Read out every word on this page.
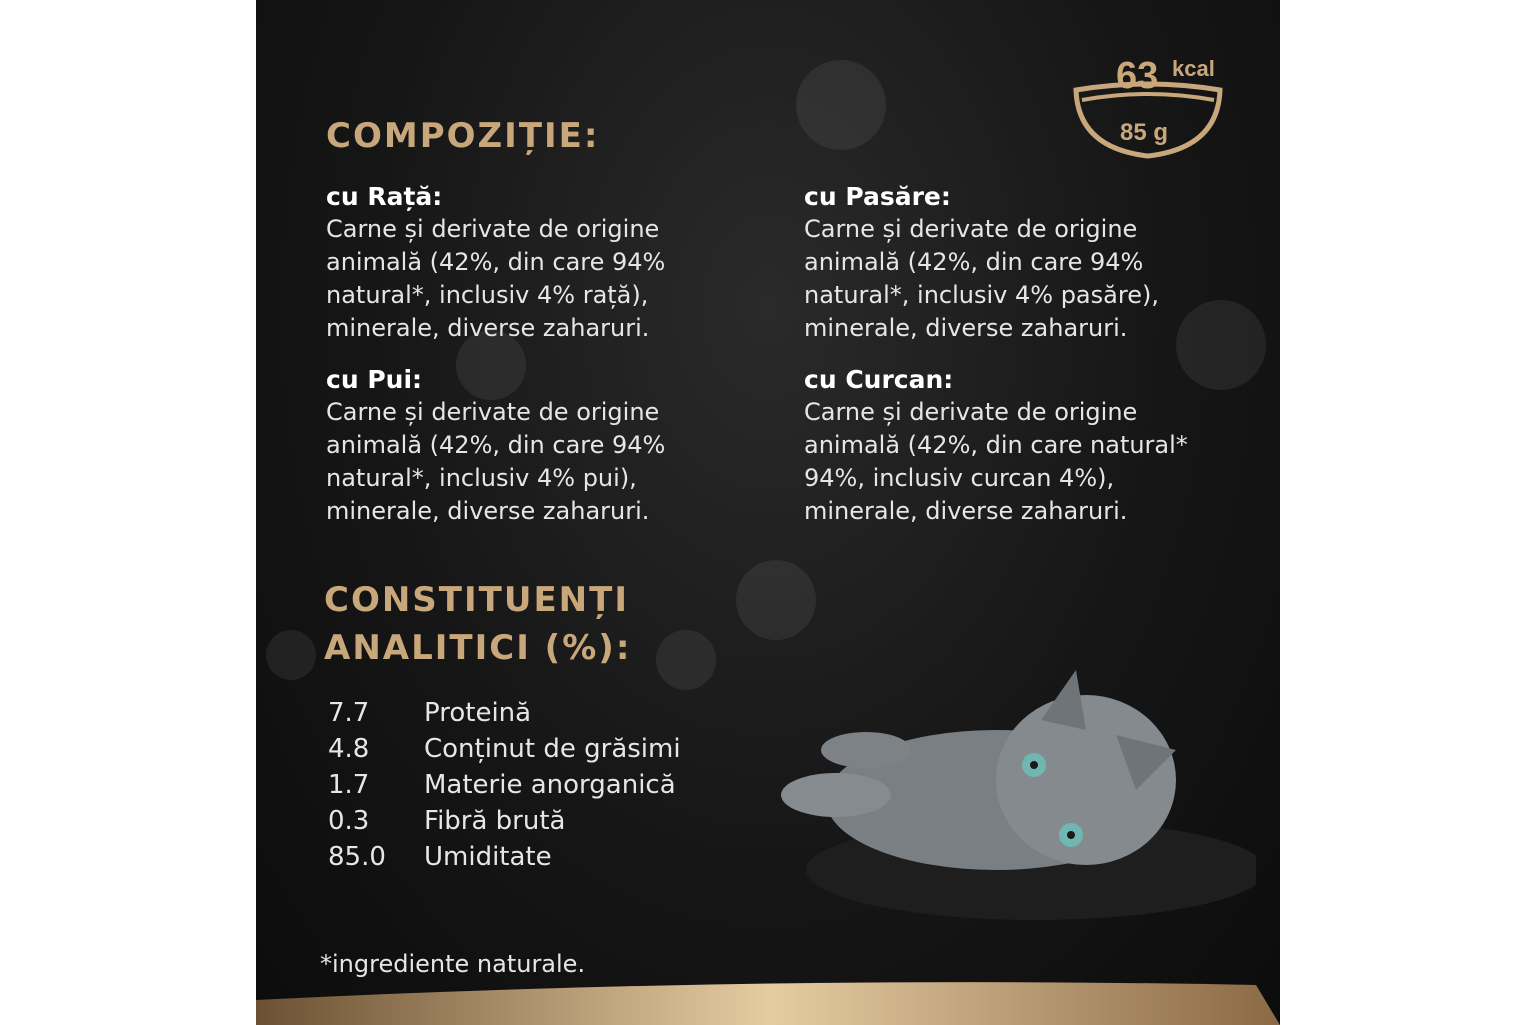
63 kcal
85 g
COMPOZIȚIE:
cu Rață:
Carne și derivate de origine animală (42%, din care 94% natural*, inclusiv 4% rață), minerale, diverse zaharuri.
cu Pasăre:
Carne și derivate de origine animală (42%, din care 94% natural*, inclusiv 4% pasăre), minerale, diverse zaharuri.
cu Pui:
Carne și derivate de origine animală (42%, din care 94% natural*, inclusiv 4% pui), minerale, diverse zaharuri.
cu Curcan:
Carne și derivate de origine animală (42%, din care natural* 94%, inclusiv curcan 4%), minerale, diverse zaharuri.
CONSTITUENȚI
ANALITICI (%):
7.7	Proteină
4.8	Conținut de grăsimi
1.7	Materie anorganică
0.3	Fibră brută
85.0	Umiditate
*ingrediente naturale.
